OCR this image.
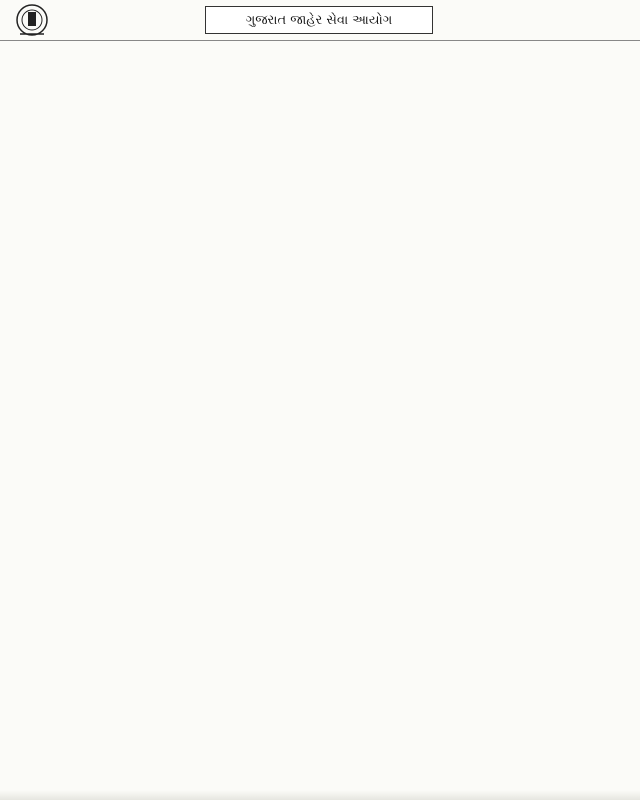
ગુજરાત જાહેર સેવા આયોગ
